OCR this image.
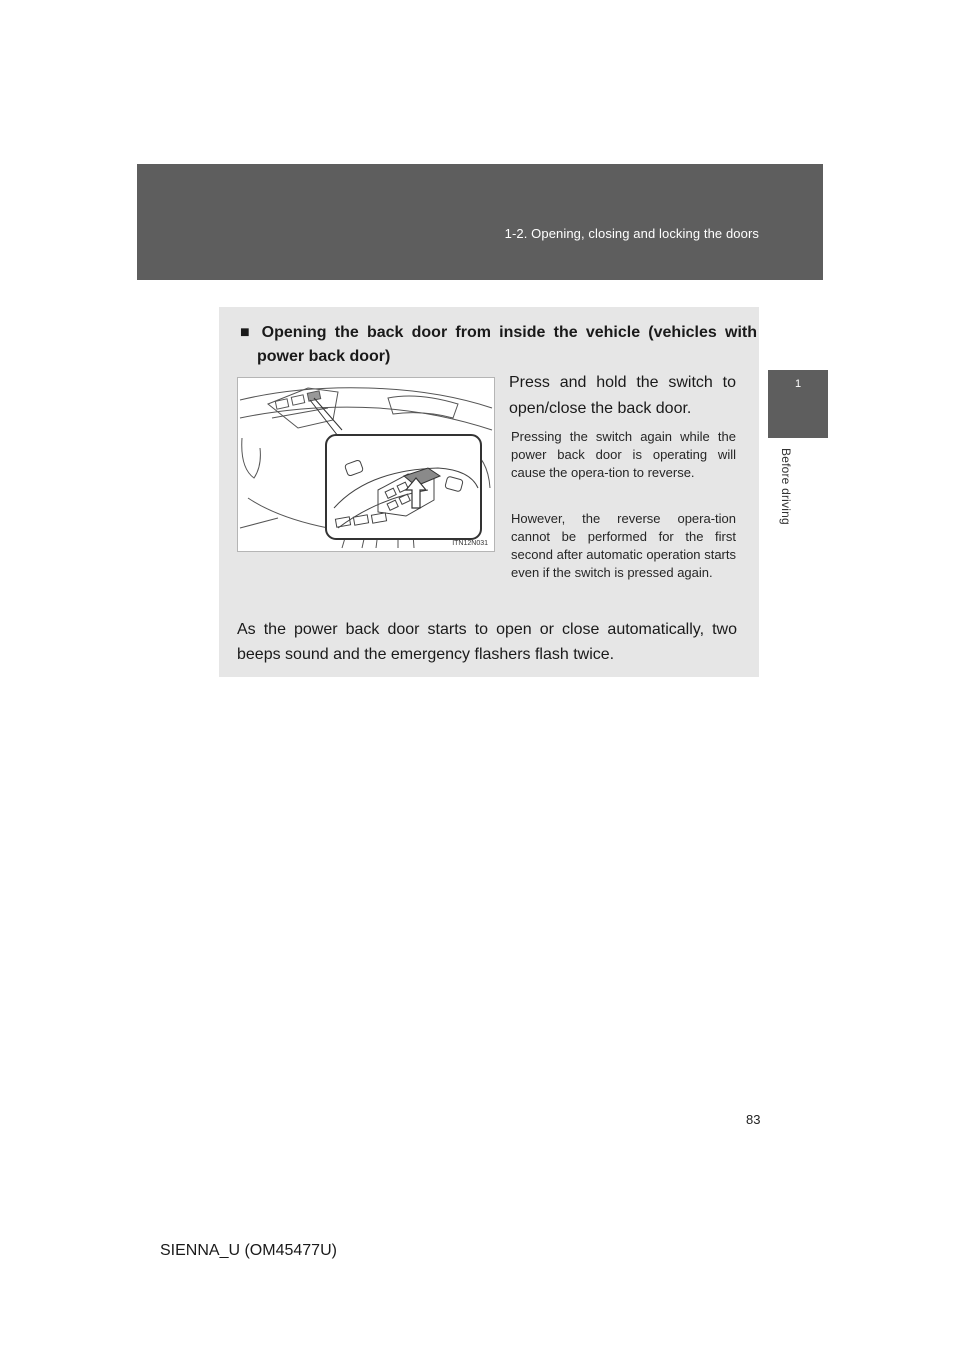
1-2. Opening, closing and locking the doors
1
Before driving
■ Opening the back door from inside the vehicle (vehicles with power back door)
ITN12N031
Press and hold the switch to open/close the back door.
Pressing the switch again while the power back door is operating will cause the opera-tion to reverse.
However, the reverse opera-tion cannot be performed for the first second after automatic operation starts even if the switch is pressed again.
As the power back door starts to open or close automatically, two beeps sound and the emergency flashers flash twice.
83
SIENNA_U (OM45477U)
